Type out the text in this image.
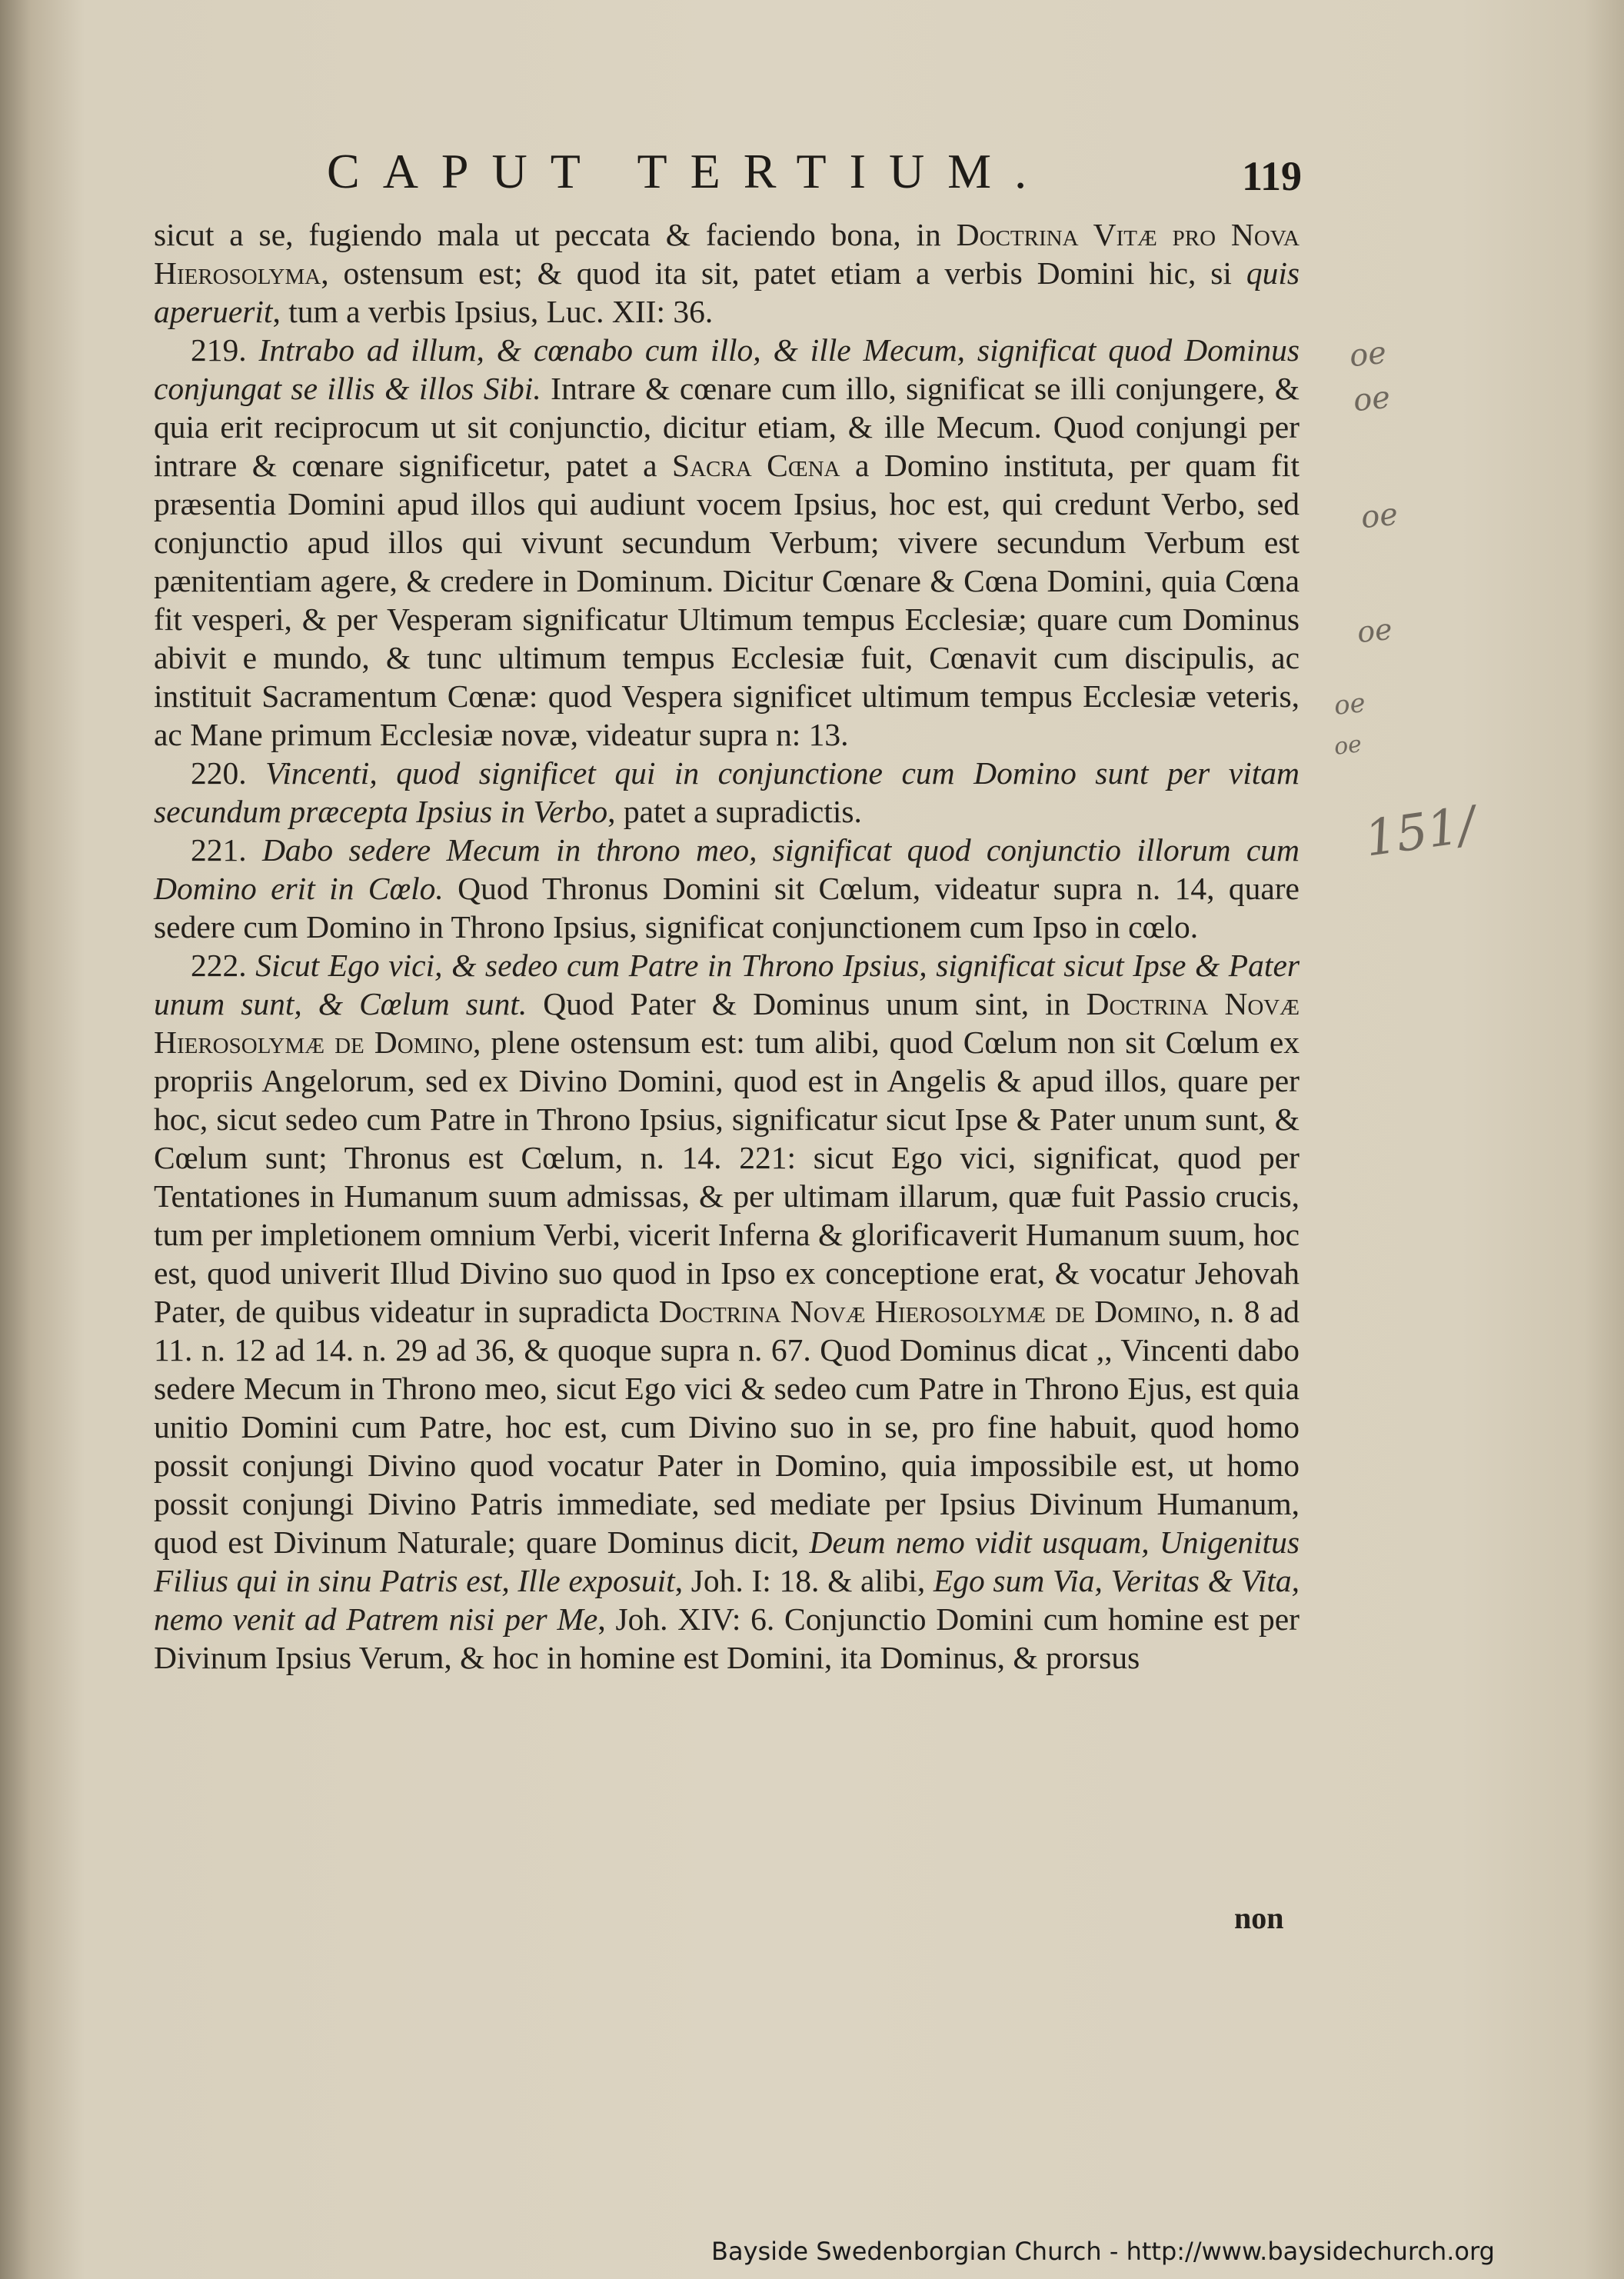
CAPUT TERTIUM.	119

sicut a se, fugiendo mala ut peccata & faciendo bona, in Doctrina Vitæ pro Nova Hierosolyma, ostensum est; & quod ita sit, patet etiam a verbis Domini hic, si quis aperuerit, tum a verbis Ipsius, Luc. XII: 36.

219. Intrabo ad illum, & cœnabo cum illo, & ille Mecum, significat quod Dominus conjungat se illis & illos Sibi. Intrare & cœnare cum illo, significat se illi conjungere, & quia erit reciprocum ut sit conjunctio, dicitur etiam, & ille Mecum. Quod conjungi per intrare & cœnare significetur, patet a Sacra Cœna a Domino instituta, per quam fit præsentia Domini apud illos qui audiunt vocem Ipsius, hoc est, qui credunt Verbo, sed conjunctio apud illos qui vivunt secundum Verbum; vivere secundum Verbum est pænitentiam agere, & credere in Dominum. Dicitur Cœnare & Cœna Domini, quia Cœna fit vesperi, & per Vesperam significatur Ultimum tempus Ecclesiæ; quare cum Dominus abivit e mundo, & tunc ultimum tempus Ecclesiæ fuit, Cœnavit cum discipulis, ac instituit Sacramentum Cœnæ: quod Vespera significet ultimum tempus Ecclesiæ veteris, ac Mane primum Ecclesiæ novæ, videatur supra n: 13.

220. Vincenti, quod significet qui in conjunctione cum Domino sunt per vitam secundum præcepta Ipsius in Verbo, patet a supradictis.

221. Dabo sedere Mecum in throno meo, significat quod conjunctio illorum cum Domino erit in Cœlo. Quod Thronus Domini sit Cœlum, videatur supra n. 14, quare sedere cum Domino in Throno Ipsius, significat conjunctionem cum Ipso in cœlo.

222. Sicut Ego vici, & sedeo cum Patre in Throno Ipsius, significat sicut Ipse & Pater unum sunt, & Cœlum sunt. Quod Pater & Dominus unum sint, in Doctrina Novæ Hierosolymæ de Domino, plene ostensum est: tum alibi, quod Cœlum non sit Cœlum ex propriis Angelorum, sed ex Divino Domini, quod est in Angelis & apud illos, quare per hoc, sicut sedeo cum Patre in Throno Ipsius, significatur sicut Ipse & Pater unum sunt, & Cœlum sunt; Thronus est Cœlum, n. 14. 221: sicut Ego vici, significat, quod per Tentationes in Humanum suum admissas, & per ultimam illarum, quæ fuit Passio crucis, tum per impletionem omnium Verbi, vicerit Inferna & glorificaverit Humanum suum, hoc est, quod univerit Illud Divino suo quod in Ipso ex conceptione erat, & vocatur Jehovah Pater, de quibus videatur in supradicta Doctrina Novæ Hierosolymæ de Domino, n. 8 ad 11. n. 12 ad 14. n. 29 ad 36, & quoque supra n. 67. Quod Dominus dicat ,, Vincenti dabo sedere Mecum in Throno meo, sicut Ego vici & sedeo cum Patre in Throno Ejus, est quia unitio Domini cum Patre, hoc est, cum Divino suo in se, pro fine habuit, quod homo possit conjungi Divino quod vocatur Pater in Domino, quia impossibile est, ut homo possit conjungi Divino Patris immediate, sed mediate per Ipsius Divinum Humanum, quod est Divinum Naturale; quare Dominus dicit, Deum nemo vidit usquam, Unigenitus Filius qui in sinu Patris est, Ille exposuit, Joh. I: 18. & alibi, Ego sum Via, Veritas & Vita, nemo venit ad Patrem nisi per Me, Joh. XIV: 6. Conjunctio Domini cum homine est per Divinum Ipsius Verum, & hoc in homine est Domini, ita Dominus, & prorsus

non
oe
oe
oe
oe
oe
oe
151/
Bayside Swedenborgian Church - http://www.baysidechurch.org
